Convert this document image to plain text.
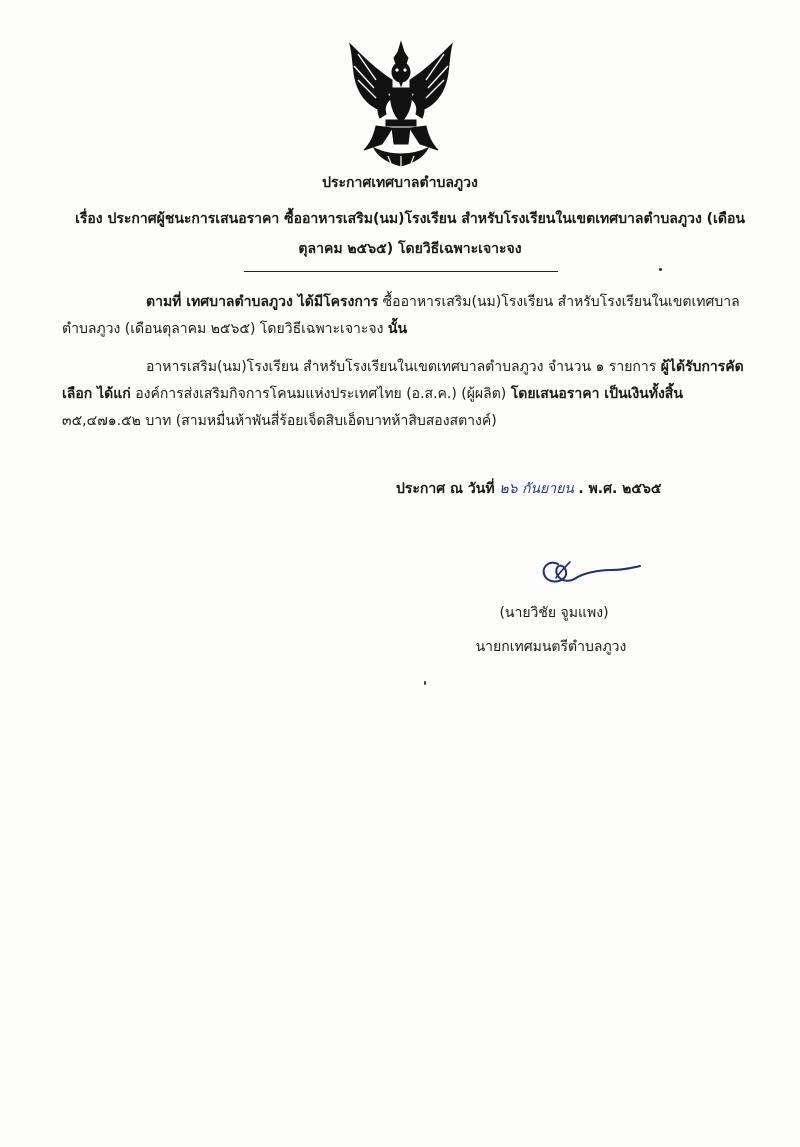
ประกาศเทศบาลตำบลภูวง
เรื่อง ประกาศผู้ชนะการเสนอราคา ซื้ออาหารเสริม(นม)โรงเรียน สำหรับโรงเรียนในเขตเทศบาลตำบลภูวง (เดือน
ตุลาคม ๒๕๖๕) โดยวิธีเฉพาะเจาะจง
ตามที่ เทศบาลตำบลภูวง ได้มีโครงการ ซื้ออาหารเสริม(นม)โรงเรียน สำหรับโรงเรียนในเขตเทศบาลตำบลภูวง (เดือนตุลาคม ๒๕๖๕) โดยวิธีเฉพาะเจาะจง นั้น
อาหารเสริม(นม)โรงเรียน สำหรับโรงเรียนในเขตเทศบาลตำบลภูวง จำนวน ๑ รายการ ผู้ได้รับการคัดเลือก ได้แก่ องค์การส่งเสริมกิจการโคนมแห่งประเทศไทย (อ.ส.ค.) (ผู้ผลิต) โดยเสนอราคา เป็นเงินทั้งสิ้น ๓๕,๔๗๑.๕๒ บาท (สามหมื่นห้าพันสี่ร้อยเจ็ดสิบเอ็ดบาทห้าสิบสองสตางค์)
ประกาศ ณ วันที่ ๒๖ กันยายน . พ.ศ. ๒๕๖๕
(นายวิชัย จูมแพง)
นายกเทศมนตรีตำบลภูวง
